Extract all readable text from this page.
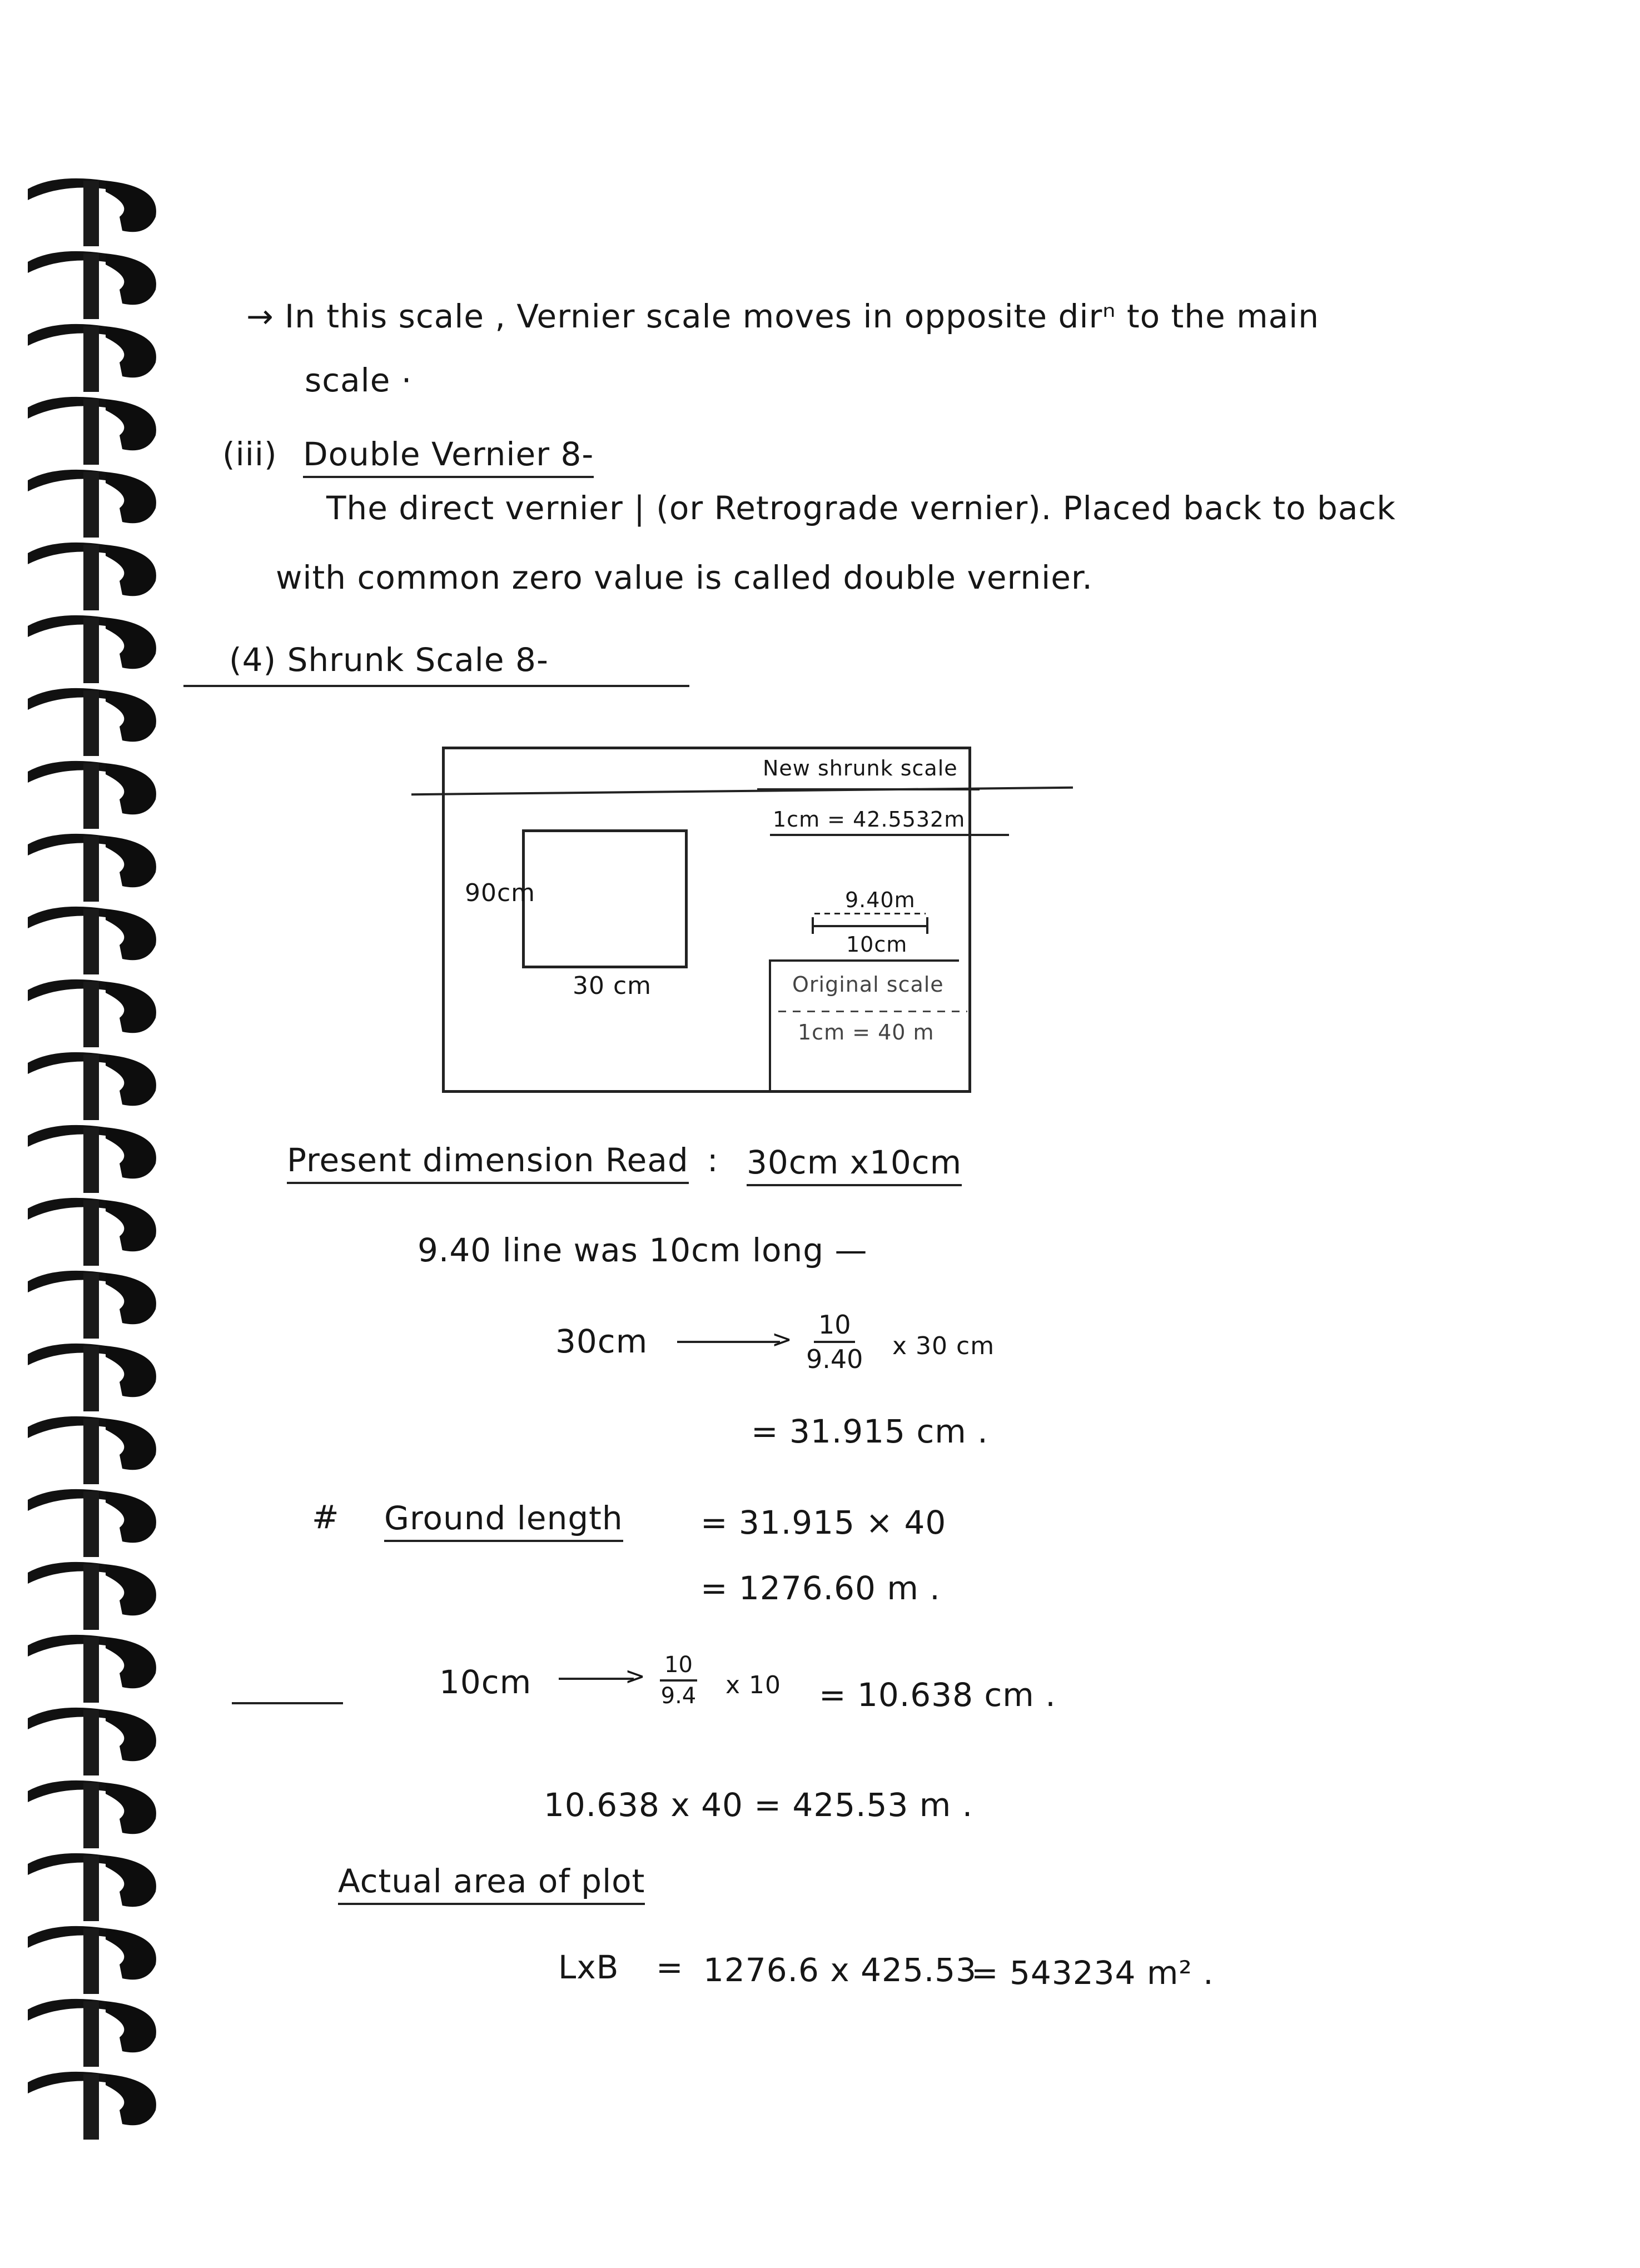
→ In this scale , Vernier scale moves in opposite dirⁿ to the main
scale ·
(iii) Double Vernier 8-
The direct vernier | (or Retrograde vernier). Placed back to back
with common zero value is called double vernier.
(4) Shrunk Scale 8-
90cm
30 cm
New shrunk scale
1cm = 42.5532m
9.40m
10cm
Original scale
1cm = 40 m
Present dimension Read : 30cm x10cm
9.40 line was 10cm long —
30cm	> $\frac{10}{9.40}$ x 30 cm
= 31.915 cm .
# Ground length = 31.915 × 40
= 1276.60 m .
10cm	> $\frac{10}{9.4}$ x 10 = 10.638 cm .
10.638 x 40 = 425.53 m .
Actual area of plot
LxB = 1276.6 x 425.53
= 543234 m² .
